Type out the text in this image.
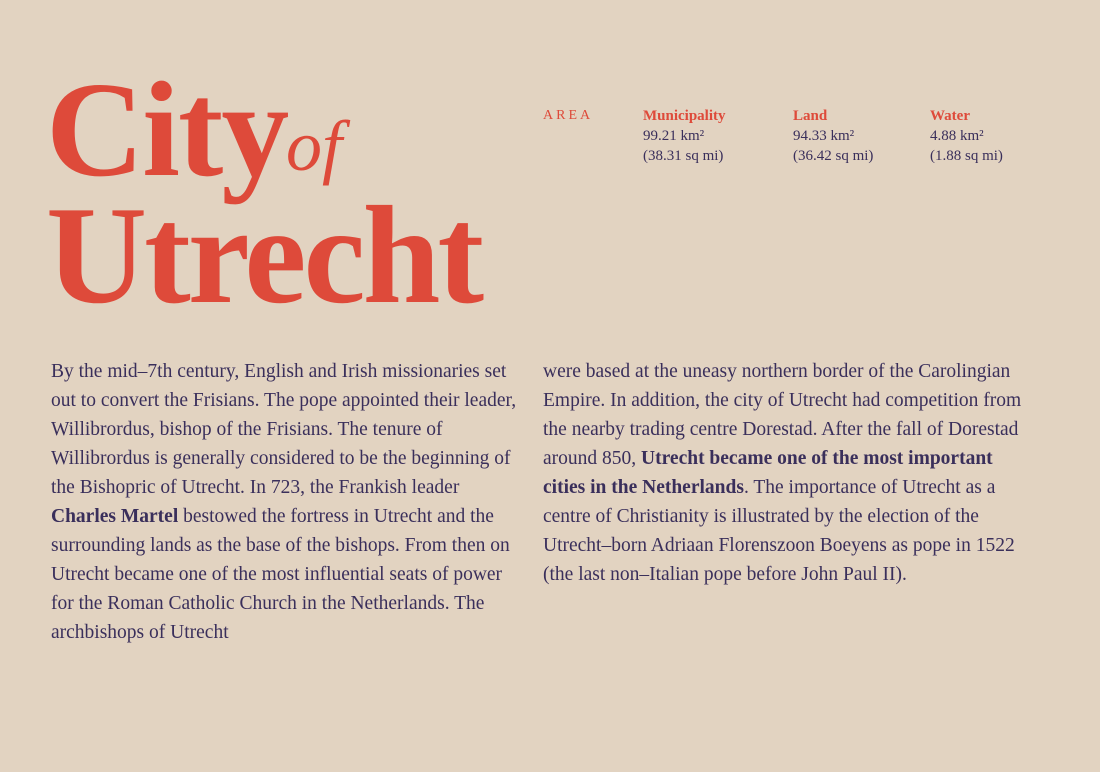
City
of
Utrecht
AREA	Municipality
99.21 km²
(38.31 sq mi)
Land
94.33 km²
(36.42 sq mi)
Water
4.88 km²
(1.88 sq mi)

By the mid–7th century, English and Irish missionaries set out to convert the Frisians. The pope appointed their leader, Willibrordus, bishop of the Frisians. The tenure of Willibrordus is generally considered to be the beginning of the Bishopric of Utrecht. In 723, the Frankish leader Charles Martel bestowed the fortress in Utrecht and the surrounding lands as the base of the bishops. From then on Utrecht became one of the most influential seats of power for the Roman Catholic Church in the Netherlands. The archbishops of Utrecht

were based at the uneasy northern border of the Carolingian Empire. In addition, the city of Utrecht had competition from the nearby trading centre Dorestad. After the fall of Dorestad around 850, Utrecht became one of the most important cities in the Netherlands. The importance of Utrecht as a centre of Christianity is illustrated by the election of the Utrecht–born Adriaan Florenszoon Boeyens as pope in 1522 (the last non–Italian pope before John Paul II).
